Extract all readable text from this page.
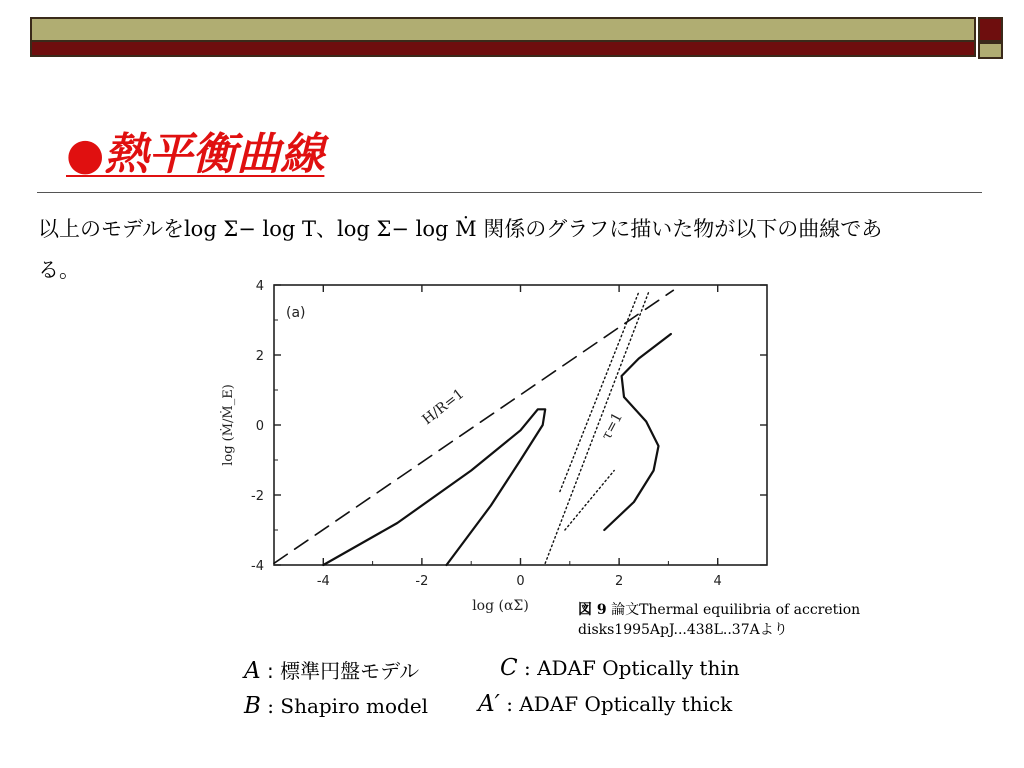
●熱平衡曲線
以上のモデルをlog Σ− log T、log Σ− log Ṁ 関係のグラフに描いた物が以下の曲線であ
る。
-4	-2	0	2	4
4
2
0
-2
-4
log (αΣ)
log (Ṁ/Ṁ_E)
(a)
H/R=1	τ=1
図 9 論文Thermal equilibria of accretion
disks1995ApJ...438L..37Aより
A : 標準円盤モデル	C : ADAF Optically thin
B : Shapiro model A′ : ADAF Optically thick
